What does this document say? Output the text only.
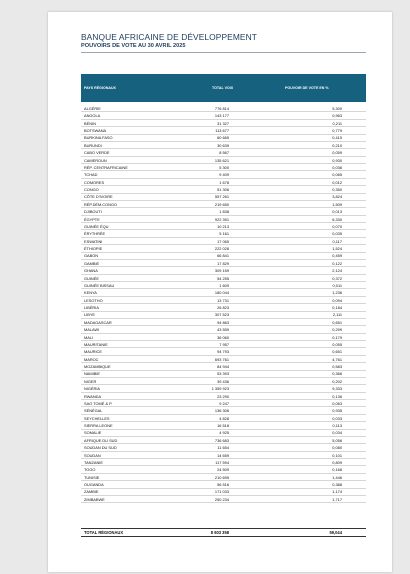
BANQUE AFRICAINE DE DÉVELOPPEMENT
POUVOIRS DE VOTE AU 30 AVRIL 2025
PAYS RÉGIONAUX	TOTAL VOIX	POUVOIR DE VOTE EN %
ALGÉRIE	776 814	5,300
ANGOLA	143 177	0,963
BÉNIN	31 327	0,211
BOTSWANA	113 677	0,779
BURKINA FASO	60 665	0,415
BURUNDI	30 639	0,210
CABO VERDE	8 567	0,059
CAMEROUN	135 621	0,930
RÉP. CENTRAFRICAINE	5 300	0,036
TCHAD	9 409	0,065
COMORES	1 678	0,012
CONGO	51 306	0,350
CÔTE D'IVOIRE	557 261	3,824
RÉP.DÉM.CONGO	219 650	1,509
DJIBOUTI	1 838	0,013
ÉGYPTE	922 391	6,330
GUINÉE ÉQU.	10 213	0,070
ÉRYTHRÉE	5 161	0,035
ESWATINI	17 065	0,117
ÉTHIOPIE	222 028	1,524
GABON	66 841	0,459
GAMBIE	17 829	0,122
GHANA	309 159	2,124
GUINÉE	54 255	0,372
GUINÉE BISSAU	1 609	0,011
KENYA	180 044	1,236
LESOTHO	13 731	0,094
LIBÉRIA	26 823	0,184
LIBYE	307 523	2,111
MADAGASCAR	94 863	0,651
MALAWI	43 559	0,299
MALI	36 060	0,179
MAURITANIE	7 957	0,055
MAURICE	94 793	0,651
MAROC	693 761	4,761
MOZAMBIQUE	84 944	0,583
NAMIBIE	53 393	0,366
NIGER	39 436	0,202
NIGÉRIA	1 359 923	9,333
RWANDA	23 290	0,136
SAO TOMÉ & P.	9 247	0,063
SÉNÉGAL	136 306	0,935
SEYCHELLES	4 828	0,033
SIERRA LEONE	16 518	0,113
SOMALIE	4 925	0,034
AFRIQUE DU SUD	736 683	5,056
SOUDAN DU SUD	11 654	0,080
SOUDAN	14 659	0,101
TANZANIE	117 594	0,809
TOGO	24 509	0,168
TUNISIE	210 695	1,446
OUGANDA	56 516	0,388
ZAMBIE	171 033	1,174
ZIMBABWE	250 234	1,717
TOTAL RÉGIONAUX	8 603 358	59,044
